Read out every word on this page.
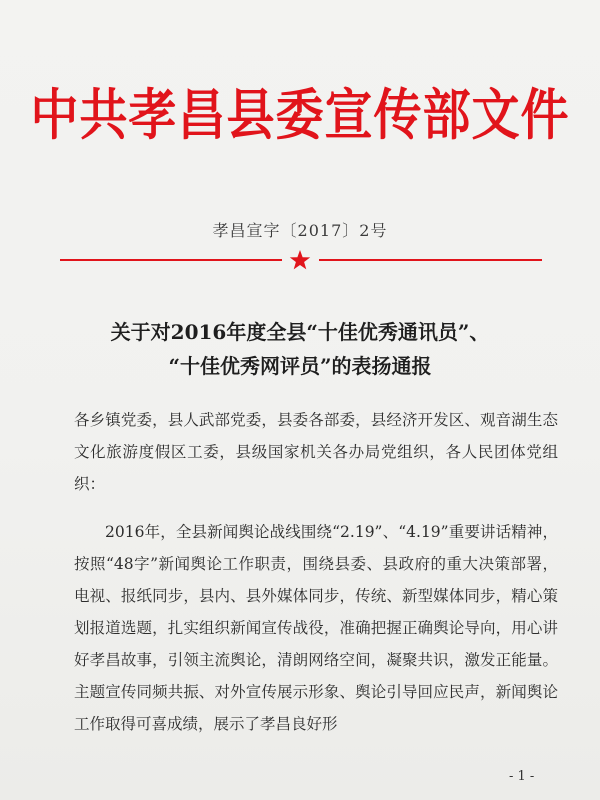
中共孝昌县委宣传部文件
孝昌宣字〔2017〕2号
关于对2016年度全县“十佳优秀通讯员”、
“十佳优秀网评员”的表扬通报
各乡镇党委，县人武部党委，县委各部委，县经济开发区、观音湖生态文化旅游度假区工委，县级国家机关各办局党组织，各人民团体党组织：
2016年，全县新闻舆论战线围绕“2.19”、“4.19”重要讲话精神，按照“48字”新闻舆论工作职责，围绕县委、县政府的重大决策部署，电视、报纸同步，县内、县外媒体同步，传统、新型媒体同步，精心策划报道选题，扎实组织新闻宣传战役，准确把握正确舆论导向，用心讲好孝昌故事，引领主流舆论，清朗网络空间，凝聚共识，激发正能量。主题宣传同频共振、对外宣传展示形象、舆论引导回应民声，新闻舆论工作取得可喜成绩，展示了孝昌良好形
- 1 -
